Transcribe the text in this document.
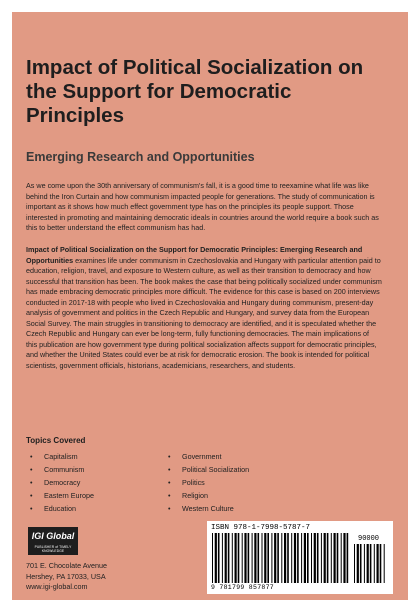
Impact of Political Socialization on the Support for Democratic Principles
Emerging Research and Opportunities

As we come upon the 30th anniversary of communism's fall, it is a good time to reexamine what life was like behind the Iron Curtain and how communism impacted people for generations. The study of communication is important as it shows how much effect government type has on the principles its people support. Those interested in promoting and maintaining democratic ideals in countries around the world require a book such as this to better understand the effect communism has had.

Impact of Political Socialization on the Support for Democratic Principles: Emerging Research and Opportunities examines life under communism in Czechoslovakia and Hungary with particular attention paid to education, religion, travel, and exposure to Western culture, as well as their transition to democracy and how successful that transition has been. The book makes the case that being politically socialized under communism has made embracing democratic principles more difficult. The evidence for this case is based on 200 interviews conducted in 2017-18 with people who lived in Czechoslovakia and Hungary during communism, present-day analysis of government and politics in the Czech Republic and Hungary, and survey data from the European Social Survey. The main struggles in transitioning to democracy are identified, and it is speculated whether the Czech Republic and Hungary can ever be long-term, fully functioning democracies. The main implications of this publication are how government type during political socialization affects support for democratic principles, and whether the United States could ever be at risk for democratic erosion. The book is intended for political scientists, government officials, historians, academicians, researchers, and students.

Topics Covered
• Capitalism
• Communism
• Democracy
• Eastern Europe
• Education
• Government
• Political Socialization
• Politics
• Religion
• Western Culture
IGI Global
PUBLISHER of TIMELY KNOWLEDGE
701 E. Chocolate Avenue
Hershey, PA 17033, USA
www.igi-global.com
ISBN 978-1-7998-5787-7
90000
9 781799 857877
